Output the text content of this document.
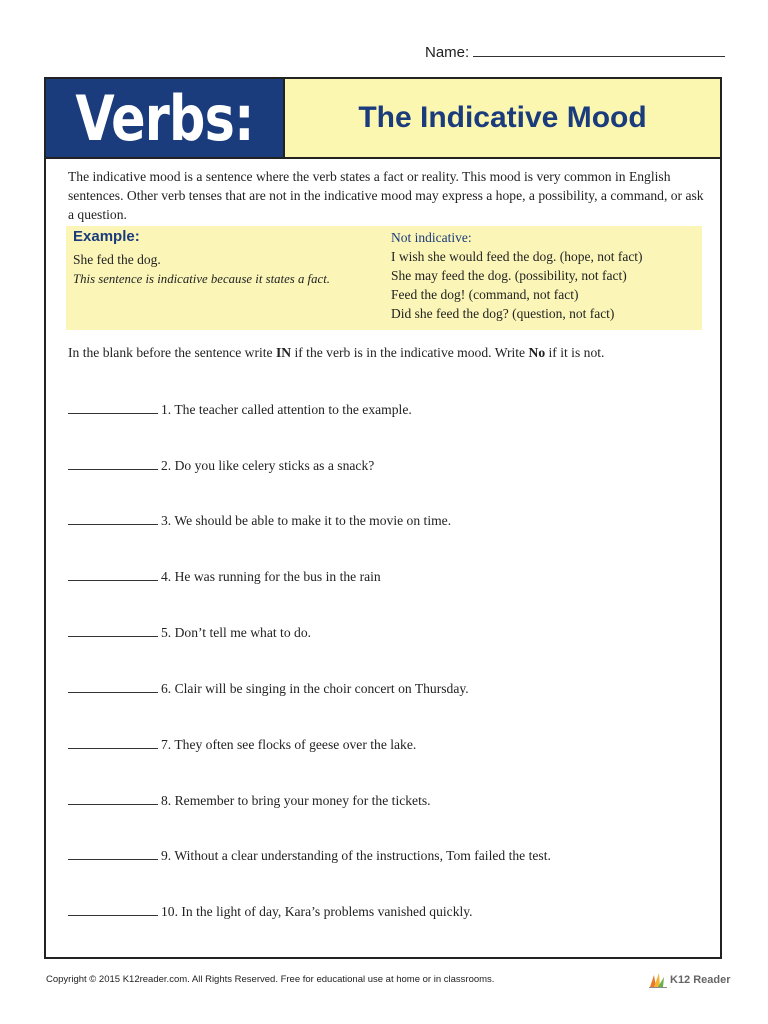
Name:
Verbs:	The Indicative Mood
The indicative mood is a sentence where the verb states a fact or reality. This mood is very common in English sentences. Other verb tenses that are not in the indicative mood may express a hope, a possibility, a command, or ask a question.
Example:
She fed the dog.
This sentence is indicative because it states a fact.
Not indicative:
I wish she would feed the dog. (hope, not fact)
She may feed the dog. (possibility, not fact)
Feed the dog! (command, not fact)
Did she feed the dog? (question, not fact)
In the blank before the sentence write IN if the verb is in the indicative mood. Write No if it is not.
1. The teacher called attention to the example.
2. Do you like celery sticks as a snack?
3. We should be able to make it to the movie on time.
4. He was running for the bus in the rain
5. Don’t tell me what to do.
6. Clair will be singing in the choir concert on Thursday.
7. They often see flocks of geese over the lake.
8. Remember to bring your money for the tickets.
9. Without a clear understanding of the instructions, Tom failed the test.
10. In the light of day, Kara’s problems vanished quickly.
Copyright © 2015 K12reader.com. All Rights Reserved. Free for educational use at home or in classrooms.	K12 Reader
